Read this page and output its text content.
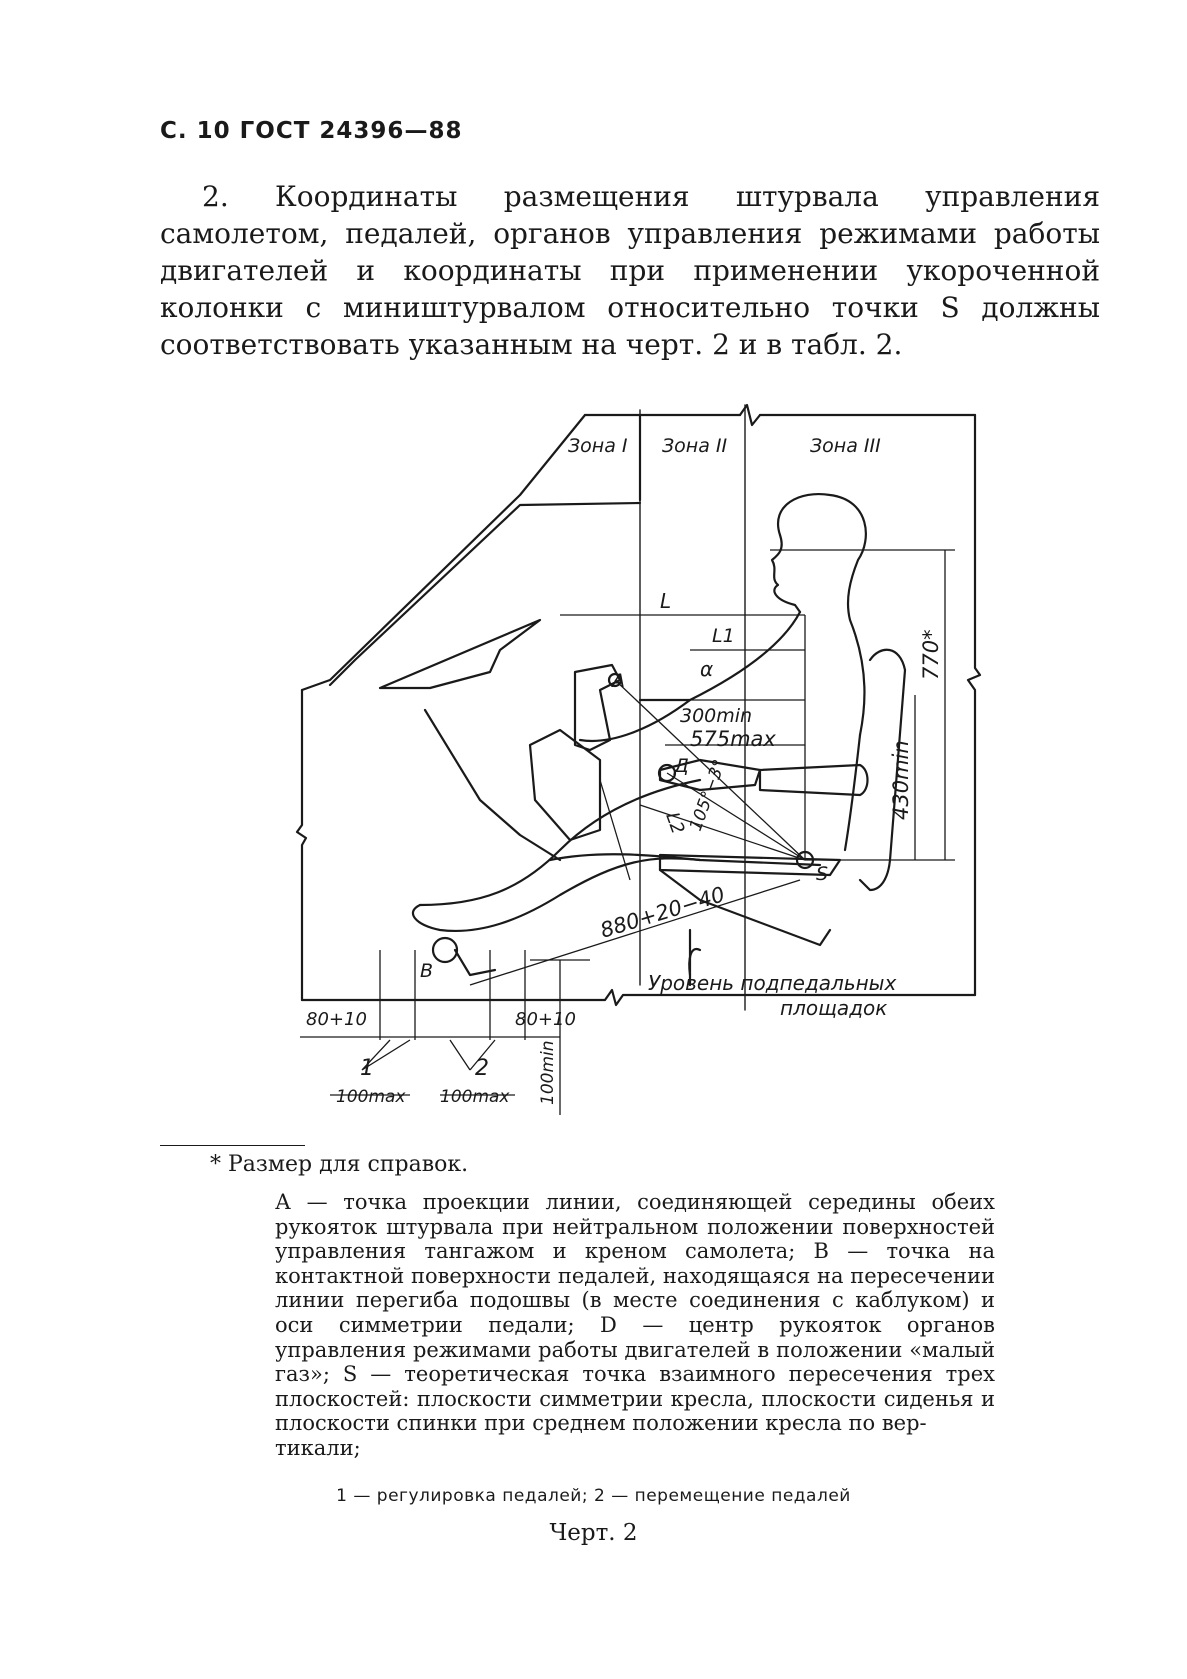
С. 10 ГОСТ 24396—88
2. Координаты размещения штурвала управления самолетом, педалей, органов управления режимами работы двигателей и координаты при применении укороченной колонки с миништурвалом относительно точки S должны соответствовать указанным на черт. 2 и в табл. 2.
Зона I Зона II	Зона III
L
L1
α
300min
575max
880+20−40
770*
430min
105°−3°
L2
A
Д
S
B	Уровень подпедальных
площадок
80+10	80+10
1	2
100max 100max 100min
* Размер для справок.
А — точка проекции линии, соединяющей середины обеих рукояток штурвала при нейтральном положении поверхностей управления тангажом и креном самолета; В — точка на контактной поверхности педалей, находящаяся на пересечении линии перегиба подошвы (в месте соединения с каблуком) и оси симметрии педали; D — центр рукояток органов управления режимами работы двигателей в положении «малый газ»; S — теоретическая точка взаимного пересечения трех плоскостей: плоскости симметрии кресла, плоскости сиденья и плоскости спинки при среднем положении кресла по вер-
тикали;
1 — регулировка педалей; 2 — перемещение педалей
Черт. 2
